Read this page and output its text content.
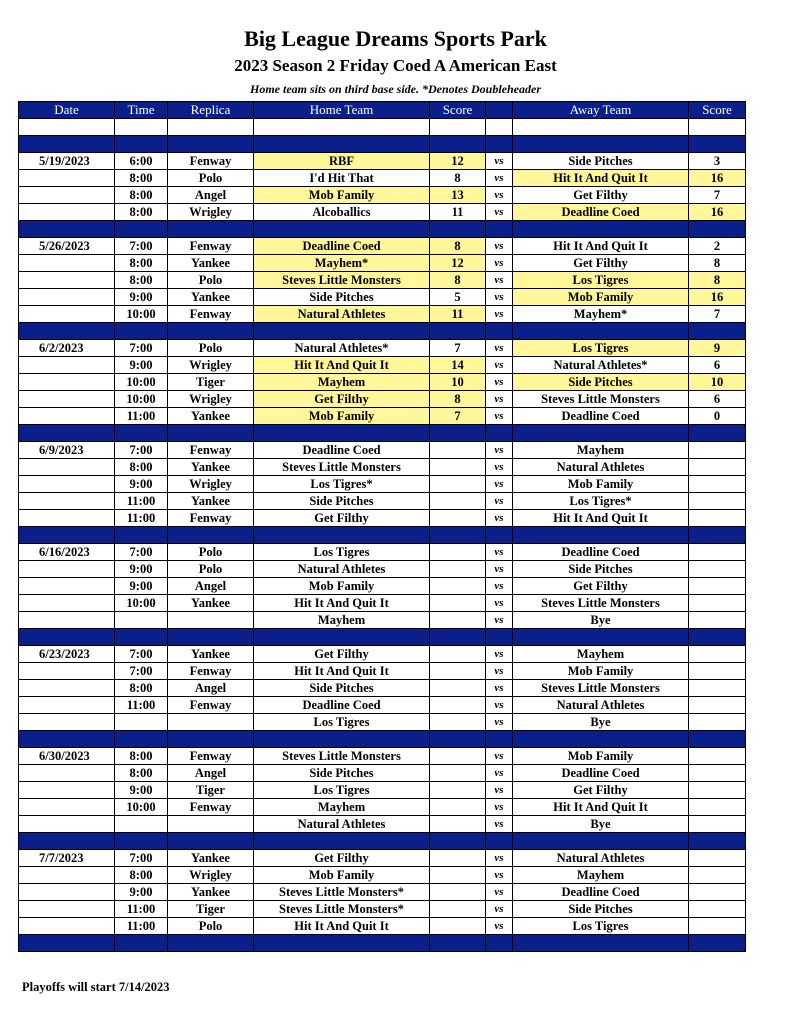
Big League Dreams Sports Park
2023 Season 2 Friday Coed A American East
Home team sits on third base side. *Denotes Doubleheader
Date	Time	Replica	Home Team	Score		Away Team	Score

5/19/2023	6:00	Fenway	RBF	12	vs	Side Pitches	3
	8:00	Polo	I'd Hit That	8	vs	Hit It And Quit It	16
	8:00	Angel	Mob Family	13	vs	Get Filthy	7
	8:00	Wrigley	Alcoballics	11	vs	Deadline Coed	16

5/26/2023	7:00	Fenway	Deadline Coed	8	vs	Hit It And Quit It	2
	8:00	Yankee	Mayhem*	12	vs	Get Filthy	8
	8:00	Polo	Steves Little Monsters	8	vs	Los Tigres	8
	9:00	Yankee	Side Pitches	5	vs	Mob Family	16
	10:00	Fenway	Natural Athletes	11	vs	Mayhem*	7

6/2/2023	7:00	Polo	Natural Athletes*	7	vs	Los Tigres	9
	9:00	Wrigley	Hit It And Quit It	14	vs	Natural Athletes*	6
	10:00	Tiger	Mayhem	10	vs	Side Pitches	10
	10:00	Wrigley	Get Filthy	8	vs	Steves Little Monsters	6
	11:00	Yankee	Mob Family	7	vs	Deadline Coed	0

6/9/2023	7:00	Fenway	Deadline Coed		vs	Mayhem	
	8:00	Yankee	Steves Little Monsters		vs	Natural Athletes	
	9:00	Wrigley	Los Tigres*		vs	Mob Family	
	11:00	Yankee	Side Pitches		vs	Los Tigres*	
	11:00	Fenway	Get Filthy		vs	Hit It And Quit It	

6/16/2023	7:00	Polo	Los Tigres		vs	Deadline Coed	
	9:00	Polo	Natural Athletes		vs	Side Pitches	
	9:00	Angel	Mob Family		vs	Get Filthy	
	10:00	Yankee	Hit It And Quit It		vs	Steves Little Monsters	
			Mayhem		vs	Bye	

6/23/2023	7:00	Yankee	Get Filthy		vs	Mayhem	
	7:00	Fenway	Hit It And Quit It		vs	Mob Family	
	8:00	Angel	Side Pitches		vs	Steves Little Monsters	
	11:00	Fenway	Deadline Coed		vs	Natural Athletes	
			Los Tigres		vs	Bye	

6/30/2023	8:00	Fenway	Steves Little Monsters		vs	Mob Family	
	8:00	Angel	Side Pitches		vs	Deadline Coed	
	9:00	Tiger	Los Tigres		vs	Get Filthy	
	10:00	Fenway	Mayhem		vs	Hit It And Quit It	
			Natural Athletes		vs	Bye	

7/7/2023	7:00	Yankee	Get Filthy		vs	Natural Athletes	
	8:00	Wrigley	Mob Family		vs	Mayhem	
	9:00	Yankee	Steves Little Monsters*		vs	Deadline Coed	
	11:00	Tiger	Steves Little Monsters*		vs	Side Pitches	
	11:00	Polo	Hit It And Quit It		vs	Los Tigres	

Playoffs will start 7/14/2023
